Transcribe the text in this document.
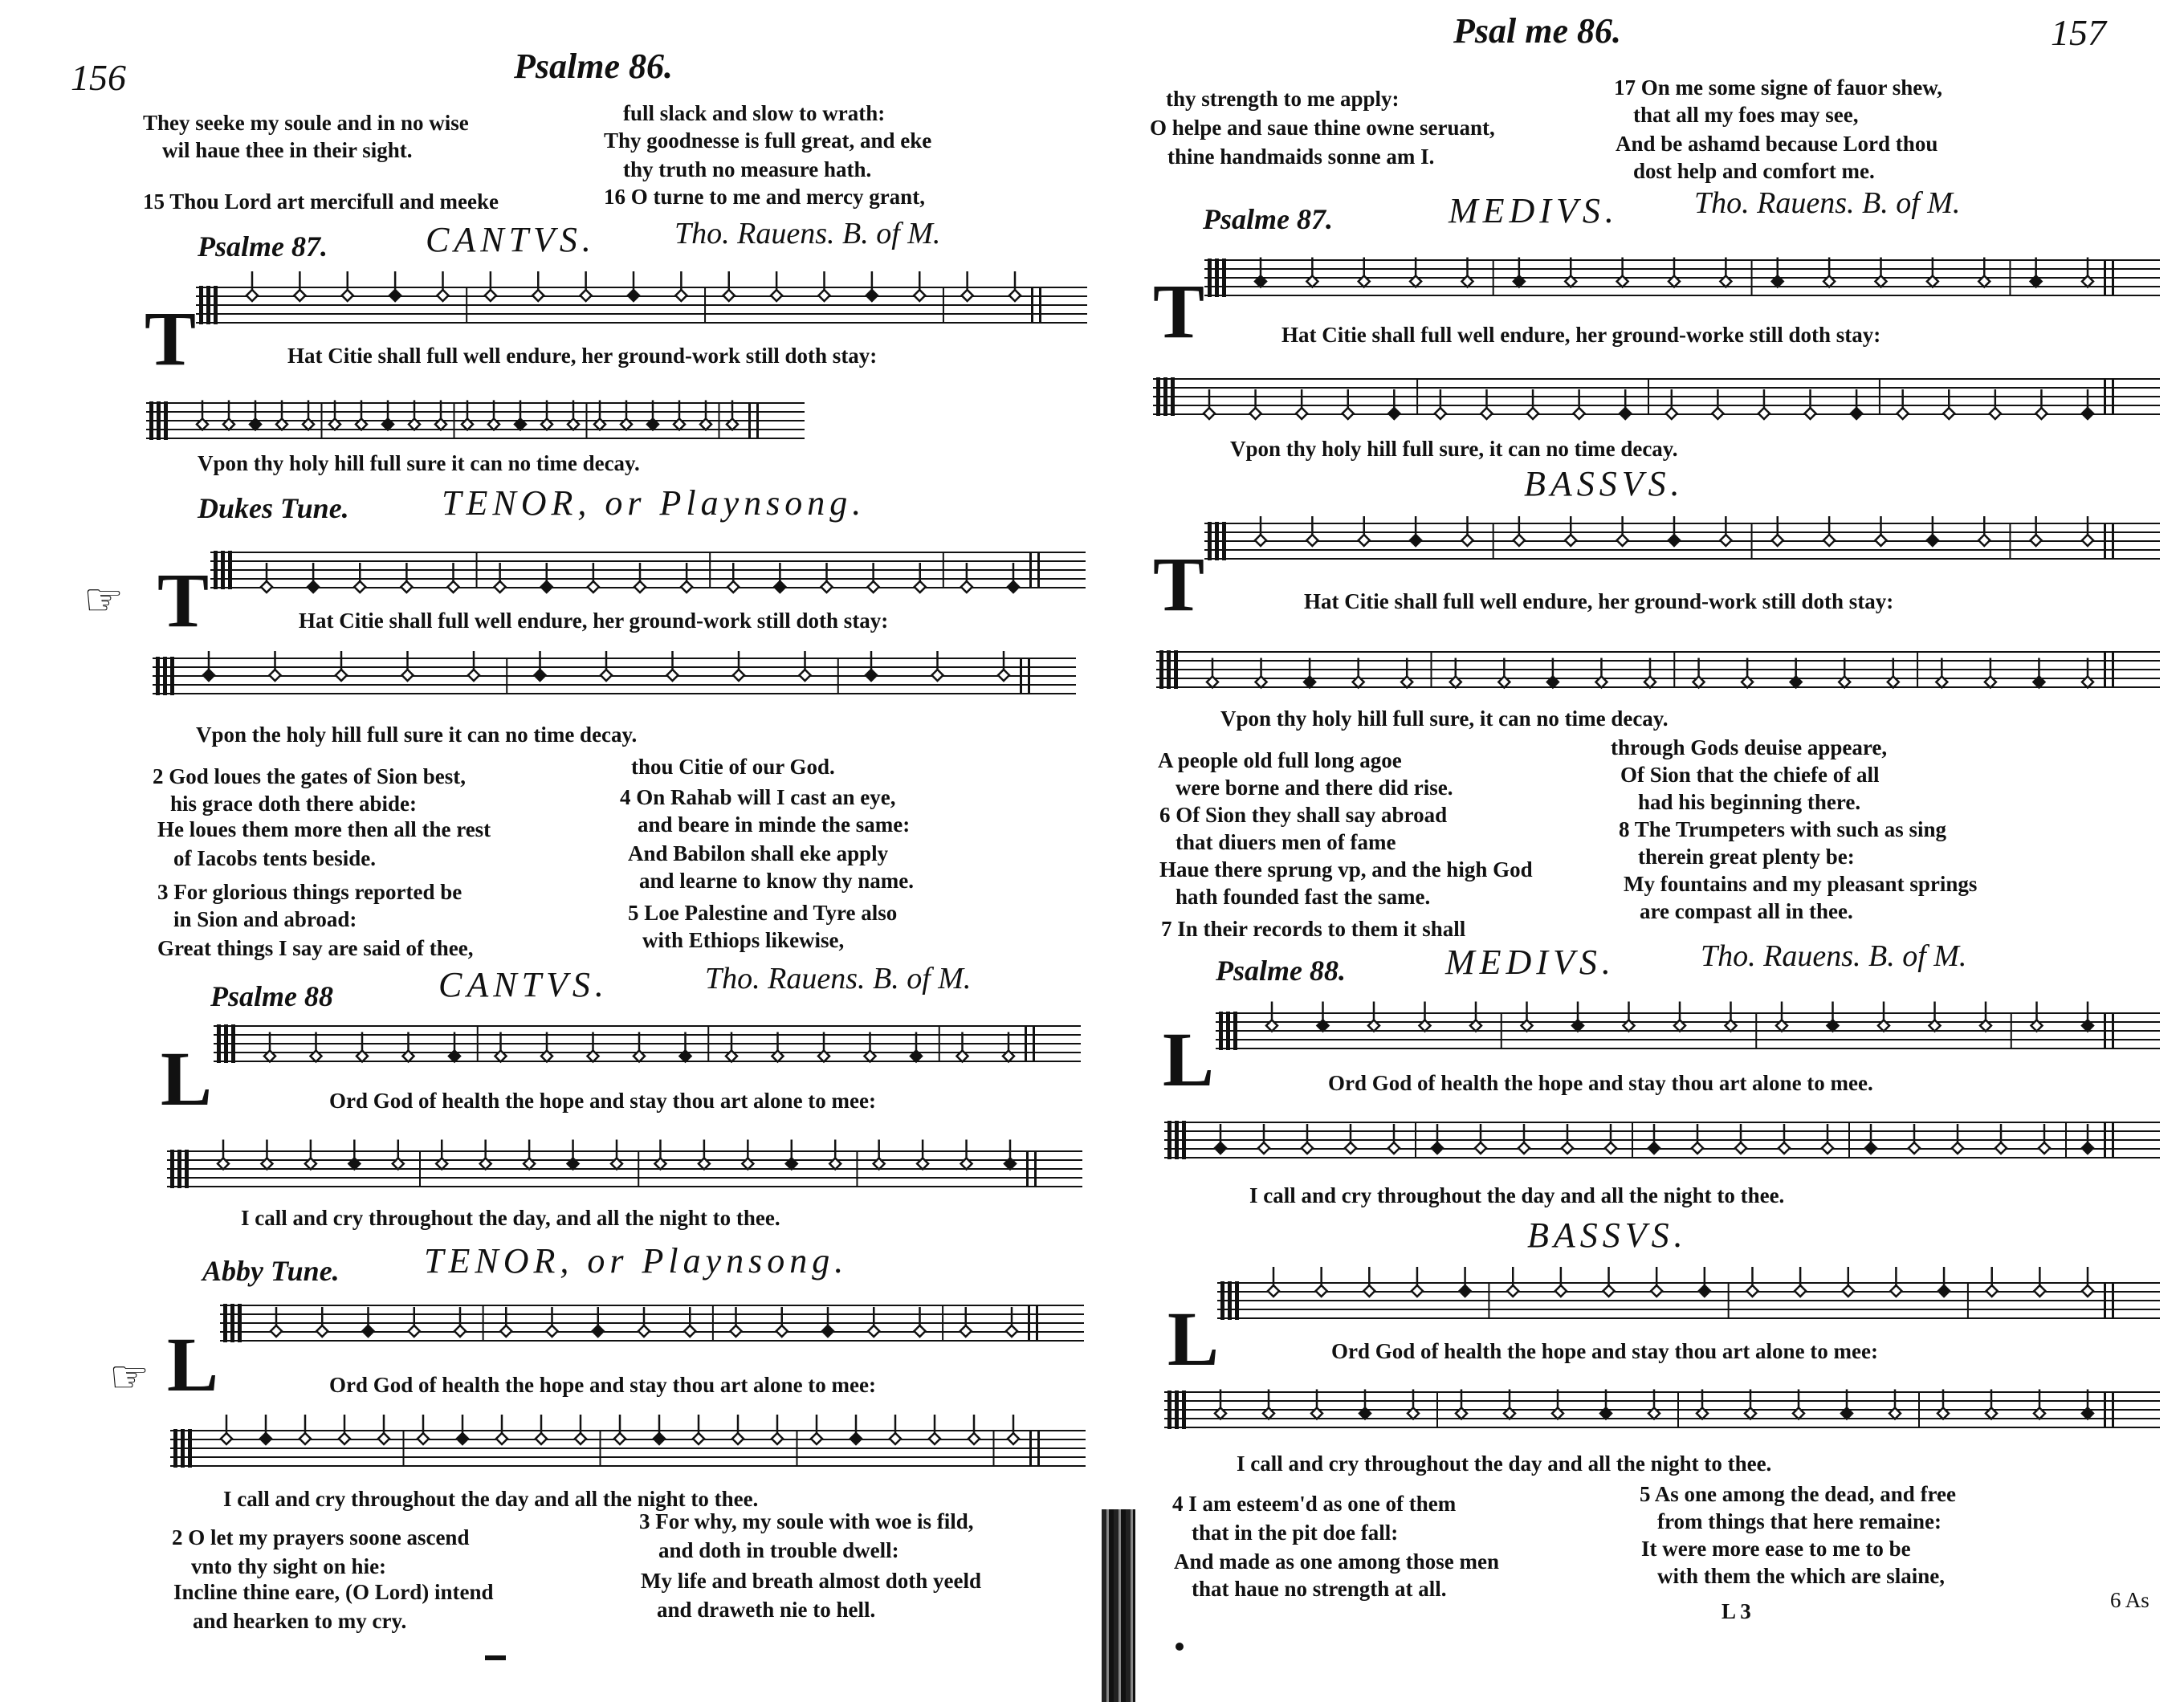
156	Psalme 86.
They seeke my soule and in no wise
wil haue thee in their sight.
15 Thou Lord art mercifull and meeke
full slack and slow to wrath:
Thy goodnesse is full great, and eke
thy truth no measure hath.
16 O turne to me and mercy grant,
Psalme 87.	CANTVS.	Tho. Rauens. B. of M.
T	Hat Citie shall full well endure, her ground-work still doth stay:
Vpon thy holy hill full sure it can no time decay.
Dukes Tune.	TENOR, or Playnsong.
☞ T	Hat Citie shall full well endure, her ground-work still doth stay:
Vpon the holy hill full sure it can no time decay.
2 God loues the gates of Sion best,
his grace doth there abide:
He loues them more then all the rest
of Iacobs tents beside.
3 For glorious things reported be
in Sion and abroad:
Great things I say are said of thee,
thou Citie of our God.
4 On Rahab will I cast an eye,
and beare in minde the same:
And Babilon shall eke apply
and learne to know thy name.
5 Loe Palestine and Tyre also
with Ethiops likewise,
Psalme 88	CANTVS.	Tho. Rauens. B. of M.
L	Ord God of health the hope and stay thou art alone to mee:
I call and cry throughout the day, and all the night to thee.
Abby Tune. TENOR, or Playnsong.
☞ L	Ord God of health the hope and stay thou art alone to mee:
I call and cry throughout the day and all the night to thee.
2 O let my prayers soone ascend
vnto thy sight on hie:
Incline thine eare, (O Lord) intend
and hearken to my cry.
3 For why, my soule with woe is fild,
and doth in trouble dwell:
My life and breath almost doth yeeld
and draweth nie to hell.
Psal me 86.	157
thy strength to me apply:
O helpe and saue thine owne seruant,
thine handmaids sonne am I.
17 On me some signe of fauor shew,
that all my foes may see,
And be ashamd because Lord thou
dost help and comfort me.
Psalme 87.	MEDIVS. Tho. Rauens. B. of M.
T	Hat Citie shall full well endure, her ground-worke still doth stay:
Vpon thy holy hill full sure, it can no time decay.
BASSVS.
T	Hat Citie shall full well endure, her ground-work still doth stay:
Vpon thy holy hill full sure, it can no time decay.
A people old full long agoe
were borne and there did rise.
6 Of Sion they shall say abroad
that diuers men of fame
Haue there sprung vp, and the high God
hath founded fast the same.
7 In their records to them it shall
through Gods deuise appeare,
Of Sion that the chiefe of all
had his beginning there.
8 The Trumpeters with such as sing
therein great plenty be:
My fountains and my pleasant springs
are compast all in thee.
Psalme 88.	MEDIVS.	Tho. Rauens. B. of M.
L	Ord God of health the hope and stay thou art alone to mee.
I call and cry throughout the day and all the night to thee.
BASSVS.
L	Ord God of health the hope and stay thou art alone to mee:
I call and cry throughout the day and all the night to thee.
4 I am esteem'd as one of them
that in the pit doe fall:
And made as one among those men
that haue no strength at all.
5 As one among the dead, and free
from things that here remaine:
It were more ease to me to be
with them the which are slaine,
L 3	6 As
